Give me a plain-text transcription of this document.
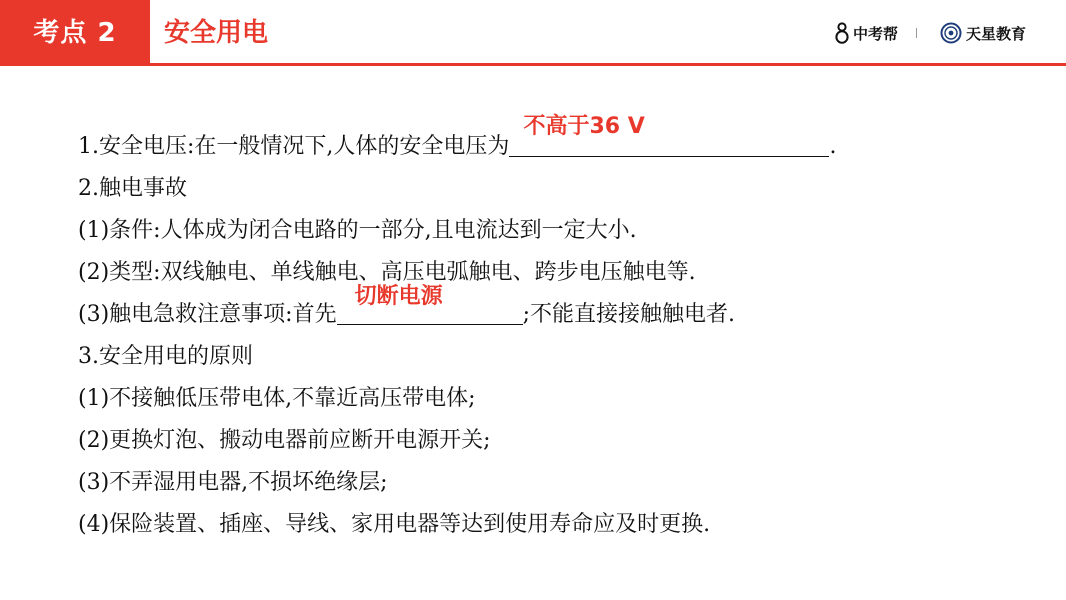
考点 2	安全用电	中考帮	天星教育
1.安全电压:在一般情况下,人体的安全电压为
不高于36 V
.
2.触电事故
(1)条件:人体成为闭合电路的一部分,且电流达到一定大小.
(2)类型:双线触电、单线触电、高压电弧触电、跨步电压触电等.
(3)触电急救注意事项:首先
切断电源
;不能直接接触触电者.
3.安全用电的原则
(1)不接触低压带电体,不靠近高压带电体;
(2)更换灯泡、搬动电器前应断开电源开关;
(3)不弄湿用电器,不损坏绝缘层;
(4)保险装置、插座、导线、家用电器等达到使用寿命应及时更换.
